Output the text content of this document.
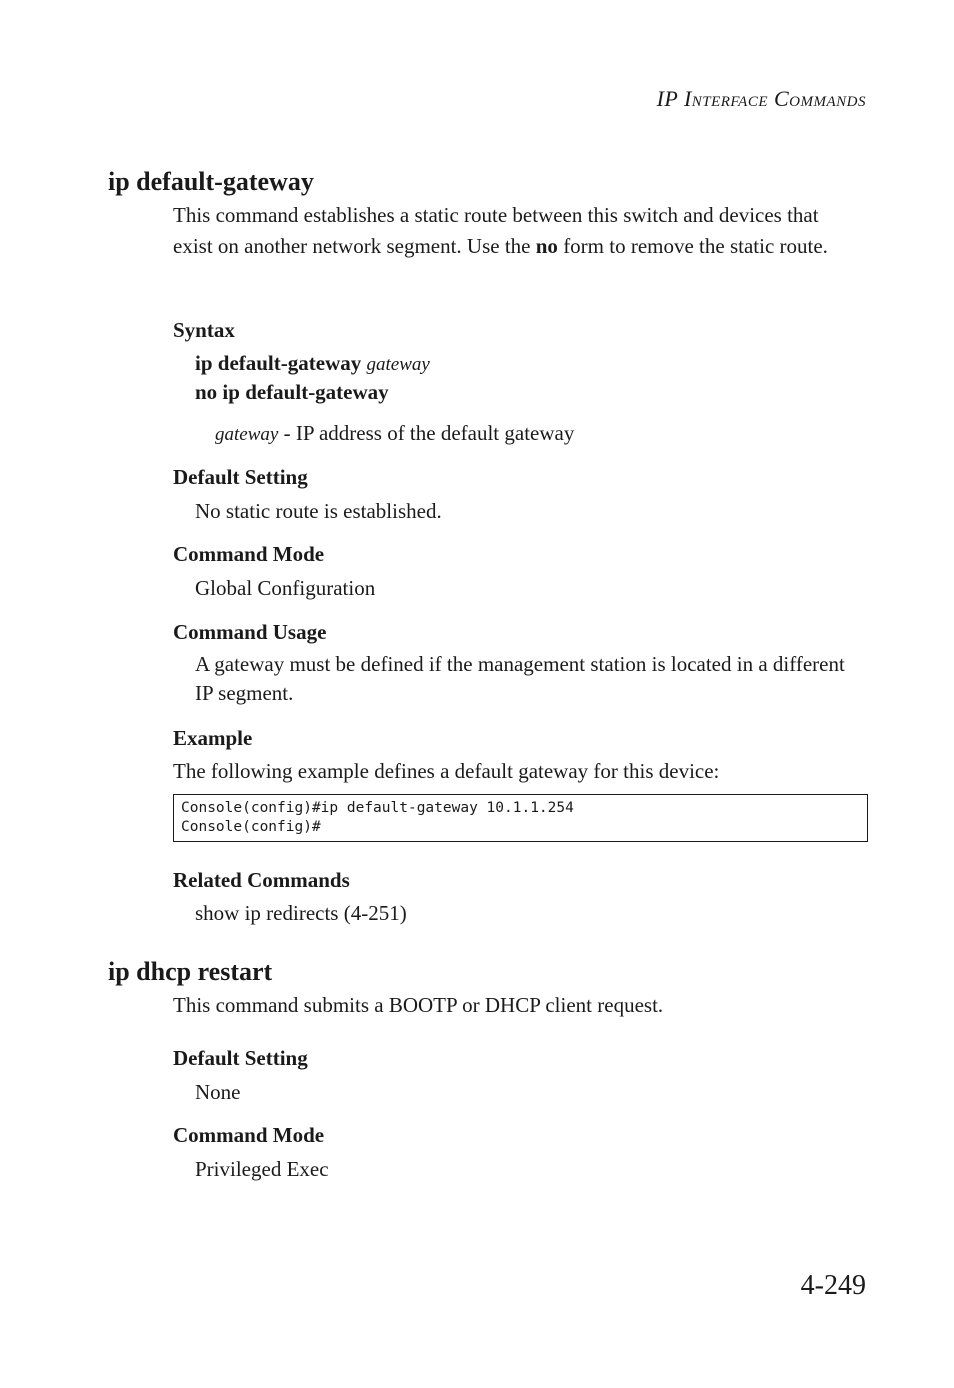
IP Interface Commands
ip default-gateway

This command establishes a static route between this switch and devices that exist on another network segment. Use the no form to remove the static route.

Syntax
ip default-gateway gateway
no ip default-gateway
gateway - IP address of the default gateway
Default Setting

No static route is established.

Command Mode

Global Configuration

Command Usage

A gateway must be defined if the management station is located in a different IP segment.

Example

The following example defines a default gateway for this device:

Console(config)#ip default-gateway 10.1.1.254
Console(config)#
Related Commands

show ip redirects (4-251)

ip dhcp restart

This command submits a BOOTP or DHCP client request.

Default Setting

None

Command Mode

Privileged Exec

4-249
